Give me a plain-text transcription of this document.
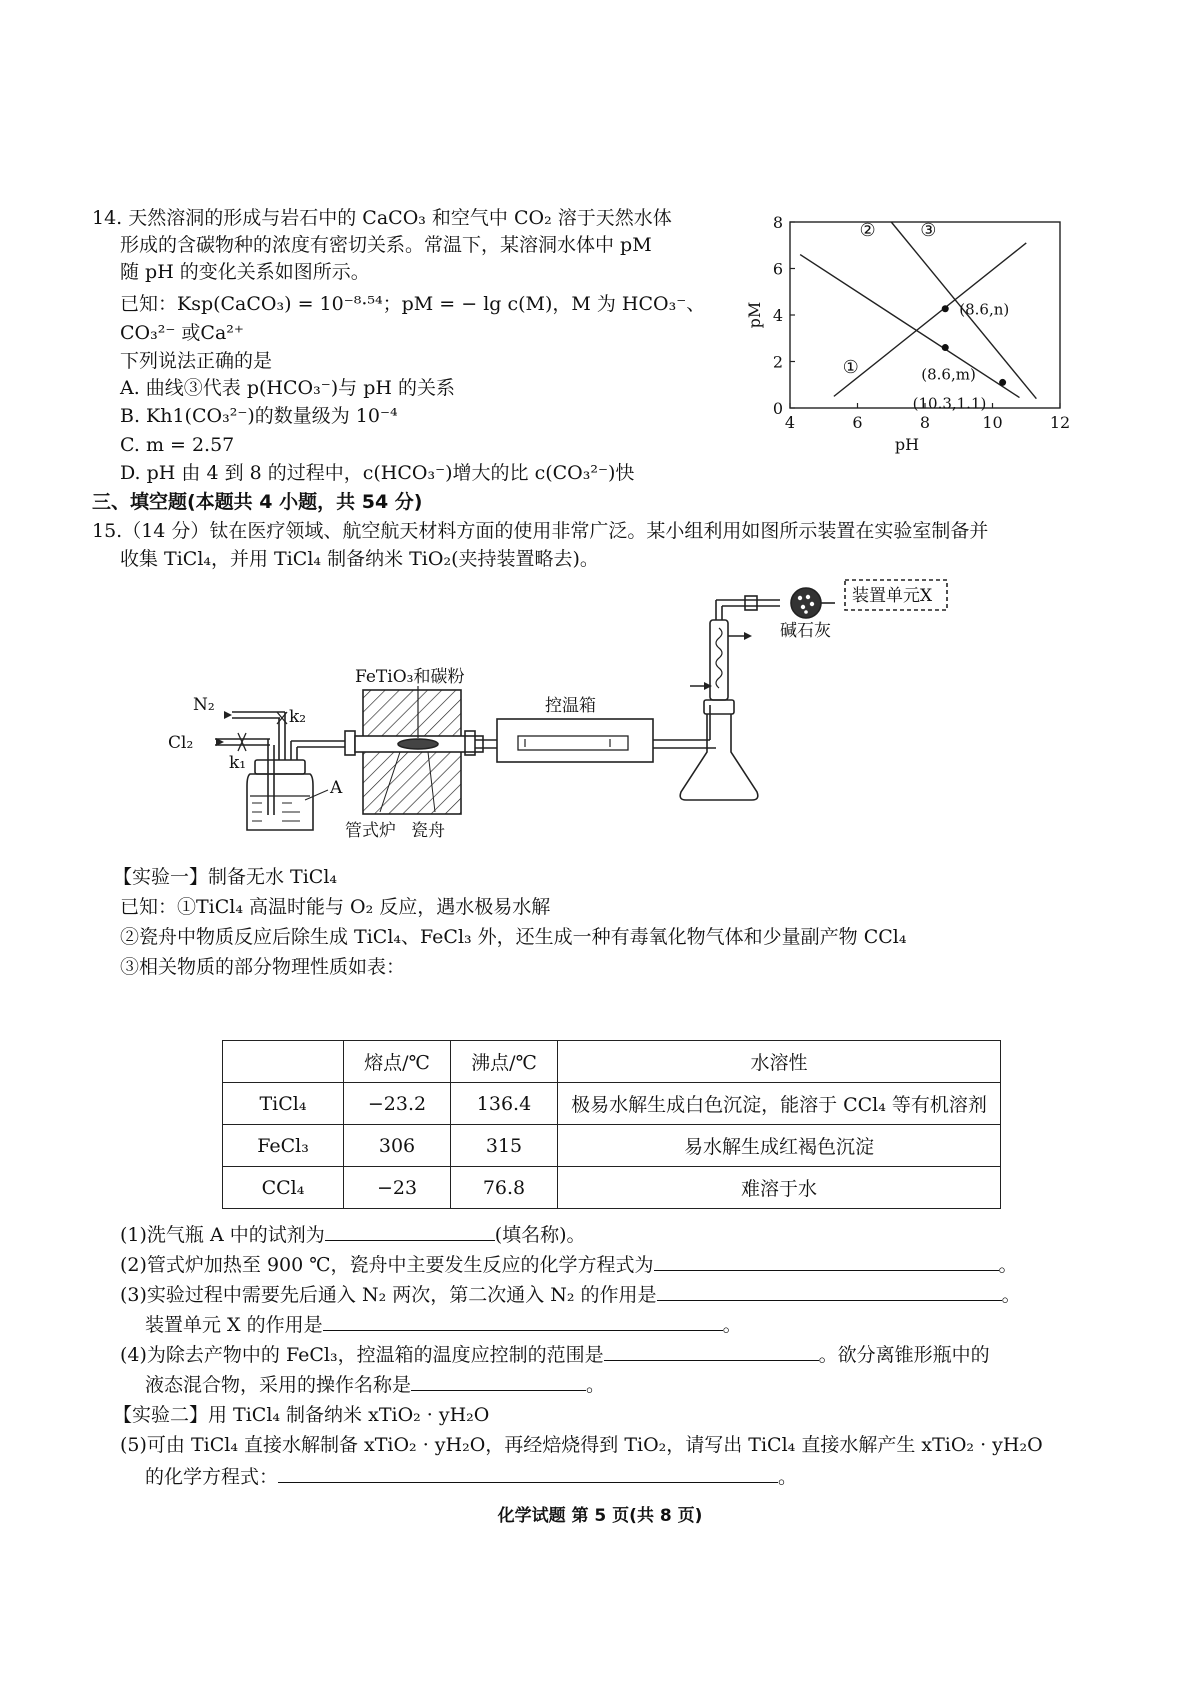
14. 天然溶洞的形成与岩石中的 CaCO₃ 和空气中 CO₂ 溶于天然水体
形成的含碳物种的浓度有密切关系。常温下，某溶洞水体中 pM
随 pH 的变化关系如图所示。
已知：Ksp(CaCO₃) = 10⁻⁸·⁵⁴；pM = − lg c(M)，M 为 HCO₃⁻、
CO₃²⁻ 或Ca²⁺
下列说法正确的是
A. 曲线③代表 p(HCO₃⁻)与 pH 的关系
B. Kh1(CO₃²⁻)的数量级为 10⁻⁴
C. m = 2.57
D. pH 由 4 到 8 的过程中，c(HCO₃⁻)增大的比 c(CO₃²⁻)快
4	6	8	10	12
0
2
4
6
8
pH
pM
①
② ③
(8.6,n)
(8.6,m)
(10.3,1.1)
三、填空题(本题共 4 小题，共 54 分)
15.（14 分）钛在医疗领域、航空航天材料方面的使用非常广泛。某小组利用如图所示装置在实验室制备并
收集 TiCl₄，并用 TiCl₄ 制备纳米 TiO₂(夹持装置略去)。
N₂
Cl₂
k₁
k₂
A
FeTiO₃和碳粉
管式炉 瓷舟
控温箱
碱石灰
装置单元X
【实验一】制备无水 TiCl₄
已知：①TiCl₄ 高温时能与 O₂ 反应，遇水极易水解
②瓷舟中物质反应后除生成 TiCl₄、FeCl₃ 外，还生成一种有毒氧化物气体和少量副产物 CCl₄
③相关物质的部分物理性质如表：
	熔点/℃	沸点/℃	水溶性
TiCl₄	−23.2	136.4	极易水解生成白色沉淀，能溶于 CCl₄ 等有机溶剂
FeCl₃	306	315	易水解生成红褐色沉淀
CCl₄	−23	76.8	难溶于水
(1)洗气瓶 A 中的试剂为	(填名称)。
(2)管式炉加热至 900 ℃，瓷舟中主要发生反应的化学方程式为	。
(3)实验过程中需要先后通入 N₂ 两次，第二次通入 N₂ 的作用是	。
装置单元 X 的作用是	。
(4)为除去产物中的 FeCl₃，控温箱的温度应控制的范围是	。欲分离锥形瓶中的
液态混合物，采用的操作名称是	。
【实验二】用 TiCl₄ 制备纳米 xTiO₂ · yH₂O
(5)可由 TiCl₄ 直接水解制备 xTiO₂ · yH₂O，再经焙烧得到 TiO₂，请写出 TiCl₄ 直接水解产生 xTiO₂ · yH₂O
的化学方程式：	。
化学试题 第 5 页(共 8 页)
